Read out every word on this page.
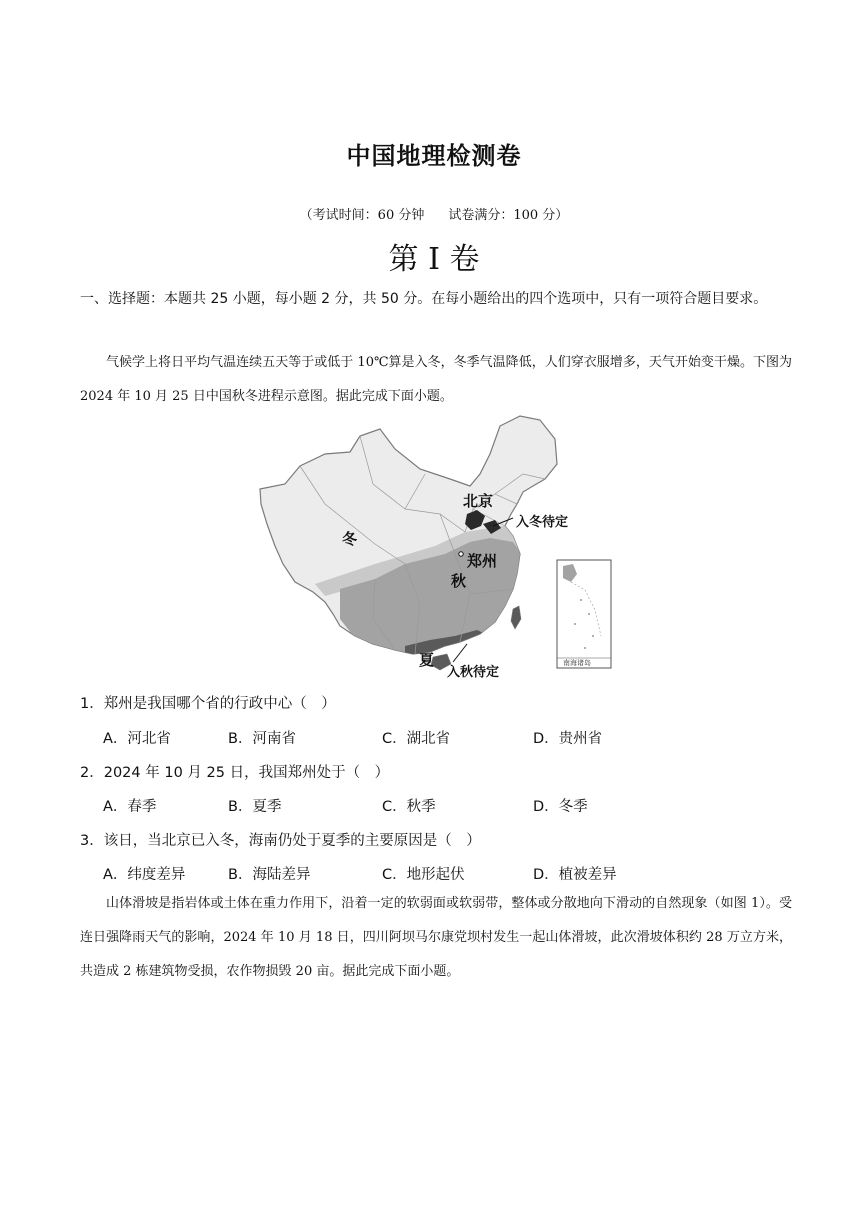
中国地理检测卷
（考试时间：60 分钟 试卷满分：100 分）
第 I 卷
一、选择题：本题共 25 小题，每小题 2 分，共 50 分。在每小题给出的四个选项中，只有一项符合题目要求。
气候学上将日平均气温连续五天等于或低于 10℃算是入冬，冬季气温降低，人们穿衣服增多，天气开始变干燥。下图为 2024 年 10 月 25 日中国秋冬进程示意图。据此完成下面小题。
北京
入冬待定
冬
郑州
秋
夏
入秋待定
南海诸岛
1．郑州是我国哪个省的行政中心（　）
A．河北省	B．河南省	C．湖北省	D．贵州省
2．2024 年 10 月 25 日，我国郑州处于（　）
A．春季	B．夏季	C．秋季	D．冬季
3．该日，当北京已入冬，海南仍处于夏季的主要原因是（　）
A．纬度差异	B．海陆差异	C．地形起伏	D．植被差异
山体滑坡是指岩体或土体在重力作用下，沿着一定的软弱面或软弱带，整体或分散地向下滑动的自然现象（如图 1）。受连日强降雨天气的影响，2024 年 10 月 18 日，四川阿坝马尔康党坝村发生一起山体滑坡，此次滑坡体积约 28 万立方米，共造成 2 栋建筑物受损，农作物损毁 20 亩。据此完成下面小题。
